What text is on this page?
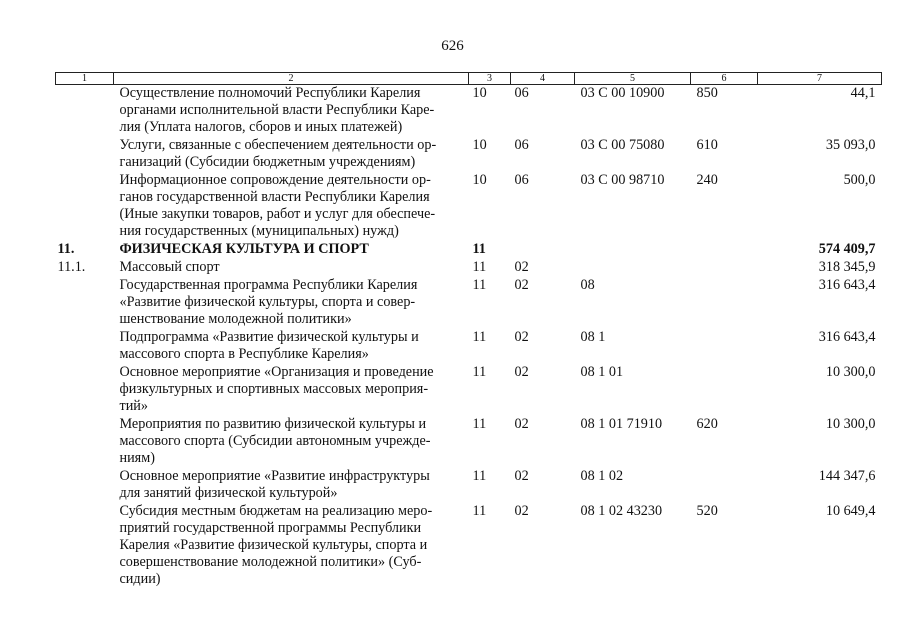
626
1	2	3	4	5	6	7

	Осуществление полномочий Республики Карелия
органами исполнительной власти Республики Каре-
лия (Уплата налогов, сборов и иных платежей)	10	06	03 С 00 10900	850	44,1

	Услуги, связанные с обеспечением деятельности ор-
ганизаций (Субсидии бюджетным учреждениям)	10	06	03 С 00 75080	610	35 093,0

	Информационное сопровождение деятельности ор-
ганов государственной власти Республики Карелия
(Иные закупки товаров, работ и услуг для обеспече-
ния государственных (муниципальных) нужд)	10	06	03 С 00 98710	240	500,0
11.	ФИЗИЧЕСКАЯ КУЛЬТУРА И СПОРТ	11				574 409,7
11.1.	Массовый спорт	11	02			318 345,9

	Государственная программа Республики Карелия
«Развитие физической культуры, спорта и совер-
шенствование молодежной политики»	11	02	08		316 643,4

	Подпрограмма «Развитие физической культуры и
массового спорта в Республике Карелия»	11	02	08 1		316 643,4

	Основное мероприятие «Организация и проведение
физкультурных и спортивных массовых мероприя-
тий»	11	02	08 1 01		10 300,0

	Мероприятия по развитию физической культуры и
массового спорта (Субсидии автономным учрежде-
ниям)	11	02	08 1 01 71910	620	10 300,0

	Основное мероприятие «Развитие инфраструктуры
для занятий физической культурой»	11	02	08 1 02		144 347,6

	Субсидия местным бюджетам на реализацию меро-
приятий государственной программы Республики
Карелия «Развитие физической культуры, спорта и
совершенствование молодежной политики» (Суб-
сидии)	11	02	08 1 02 43230	520	10 649,4
